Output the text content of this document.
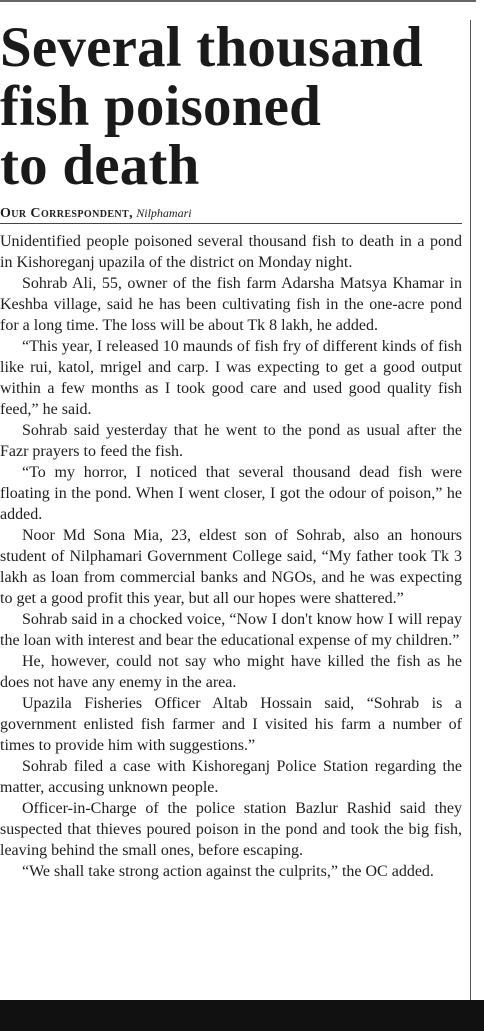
Several thousand
fish poisoned
to death
Our Correspondent, Nilphamari

Unidentified people poisoned several thousand fish to death in a pond in Kishoreganj upazila of the district on Monday night.

Sohrab Ali, 55, owner of the fish farm Adarsha Matsya Khamar in Keshba village, said he has been cultivating fish in the one-acre pond for a long time. The loss will be about Tk 8 lakh, he added.

“This year, I released 10 maunds of fish fry of different kinds of fish like rui, katol, mrigel and carp. I was expecting to get a good output within a few months as I took good care and used good quality fish feed,” he said.

Sohrab said yesterday that he went to the pond as usual after the Fazr prayers to feed the fish.

“To my horror, I noticed that several thousand dead fish were floating in the pond. When I went closer, I got the odour of poison,” he added.

Noor Md Sona Mia, 23, eldest son of Sohrab, also an honours student of Nilphamari Government College said, “My father took Tk 3 lakh as loan from commercial banks and NGOs, and he was expecting to get a good profit this year, but all our hopes were shattered.”

Sohrab said in a chocked voice, “Now I don't know how I will repay the loan with interest and bear the educational expense of my children.”

He, however, could not say who might have killed the fish as he does not have any enemy in the area.

Upazila Fisheries Officer Altab Hossain said, “Sohrab is a government enlisted fish farmer and I visited his farm a number of times to provide him with suggestions.”

Sohrab filed a case with Kishoreganj Police Station regarding the matter, accusing unknown people.

Officer-in-Charge of the police station Bazlur Rashid said they suspected that thieves poured poison in the pond and took the big fish, leaving behind the small ones, before escaping.

“We shall take strong action against the culprits,” the OC added.
